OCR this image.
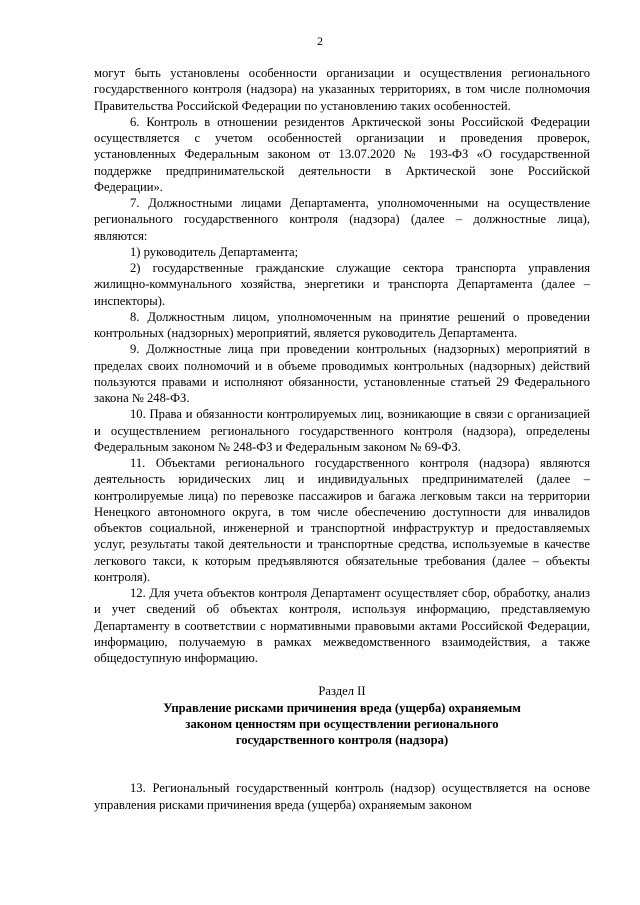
2

могут быть установлены особенности организации и осуществления регионального государственного контроля (надзора) на указанных территориях, в том числе полномочия Правительства Российской Федерации по установлению таких особенностей.

6. Контроль в отношении резидентов Арктической зоны Российской Федерации осуществляется с учетом особенностей организации и проведения проверок, установленных Федеральным законом от 13.07.2020 № 193-ФЗ «О государственной поддержке предпринимательской деятельности в Арктической зоне Российской Федерации».

7. Должностными лицами Департамента, уполномоченными на осуществление регионального государственного контроля (надзора) (далее – должностные лица), являются:

1) руководитель Департамента;

2) государственные гражданские служащие сектора транспорта управления жилищно-коммунального хозяйства, энергетики и транспорта Департамента (далее – инспекторы).

8. Должностным лицом, уполномоченным на принятие решений о проведении контрольных (надзорных) мероприятий, является руководитель Департамента.

9. Должностные лица при проведении контрольных (надзорных) мероприятий в пределах своих полномочий и в объеме проводимых контрольных (надзорных) действий пользуются правами и исполняют обязанности, установленные статьей 29 Федерального закона № 248-ФЗ.

10. Права и обязанности контролируемых лиц, возникающие в связи с организацией и осуществлением регионального государственного контроля (надзора), определены Федеральным законом № 248-ФЗ и Федеральным законом № 69-ФЗ.

11. Объектами регионального государственного контроля (надзора) являются деятельность юридических лиц и индивидуальных предпринимателей (далее – контролируемые лица) по перевозке пассажиров и багажа легковым такси на территории Ненецкого автономного округа, в том числе обеспечению доступности для инвалидов объектов социальной, инженерной и транспортной инфраструктур и предоставляемых услуг, результаты такой деятельности и транспортные средства, используемые в качестве легкового такси, к которым предъявляются обязательные требования (далее – объекты контроля).

12. Для учета объектов контроля Департамент осуществляет сбор, обработку, анализ и учет сведений об объектах контроля, используя информацию, представляемую Департаменту в соответствии с нормативными правовыми актами Российской Федерации, информацию, получаемую в рамках межведомственного взаимодействия, а также общедоступную информацию.

Раздел II
Управление рисками причинения вреда (ущерба) охраняемым законом ценностям при осуществлении регионального государственного контроля (надзора)

13. Региональный государственный контроль (надзор) осуществляется на основе управления рисками причинения вреда (ущерба) охраняемым законом
